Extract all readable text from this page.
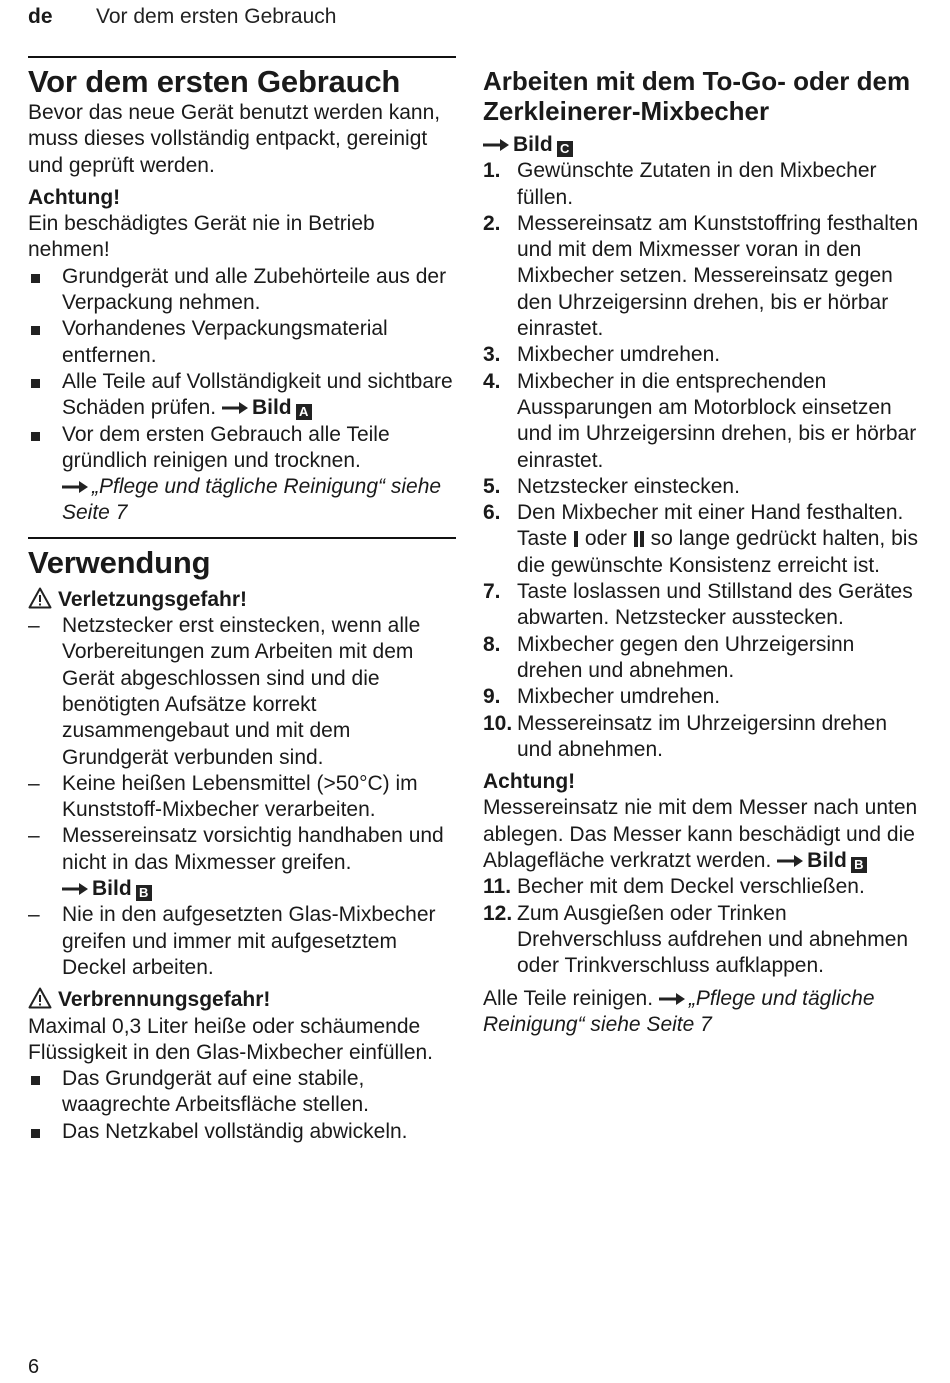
de Vor dem ersten Gebrauch
Vor dem ersten Gebrauch

Bevor das neue Gerät benutzt werden kann, muss dieses vollständig entpackt, gereinigt und geprüft werden.

Achtung!

Ein beschädigtes Gerät nie in Betrieb nehmen!

Grundgerät und alle Zubehörteile aus der Verpackung nehmen.
Vorhandenes Verpackungsmaterial entfernen.
Alle Teile auf Vollständigkeit und sichtbare Schäden prüfen. Bild A
Vor dem ersten Gebrauch alle Teile gründlich reinigen und trocknen.
„Pflege und tägliche Reinigung“ siehe Seite 7
Verwendung

Verletzungsgefahr!

– Netzstecker erst einstecken, wenn alle Vorbereitungen zum Arbeiten mit dem Gerät abgeschlossen sind und die benötigten Aufsätze korrekt zusammengebaut und mit dem Grundgerät verbunden sind.
– Keine heißen Lebensmittel (>50°C) im Kunststoff-Mixbecher verarbeiten.
– Messereinsatz vorsichtig handhaben und nicht in das Mixmesser greifen.
Bild B
– Nie in den aufgesetzten Glas-Mixbecher greifen und immer mit aufgesetztem Deckel arbeiten.

Verbrennungsgefahr!

Maximal 0,3 Liter heiße oder schäumende Flüssigkeit in den Glas-Mixbecher einfüllen.

Das Grundgerät auf eine stabile, waagrechte Arbeitsfläche stellen.
Das Netzkabel vollständig abwickeln.
Arbeiten mit dem To-Go- oder dem Zerkleinerer-Mixbecher

Bild C

1. Gewünschte Zutaten in den Mixbecher füllen.
2. Messereinsatz am Kunststoffring festhalten und mit dem Mixmesser voran in den Mixbecher setzen. Messereinsatz gegen den Uhrzeigersinn drehen, bis er hörbar einrastet.
3. Mixbecher umdrehen.
4. Mixbecher in die entsprechenden Aussparungen am Motorblock einsetzen und im Uhrzeigersinn drehen, bis er hörbar einrastet.
5. Netzstecker einstecken.
6. Den Mixbecher mit einer Hand festhalten. Taste oder so lange gedrückt halten, bis die gewünschte Konsistenz erreicht ist.
7. Taste loslassen und Stillstand des Gerätes abwarten. Netzstecker ausstecken.
8. Mixbecher gegen den Uhrzeigersinn drehen und abnehmen.
9. Mixbecher umdrehen.
10. Messereinsatz im Uhrzeigersinn drehen und abnehmen.

Achtung!

Messereinsatz nie mit dem Messer nach unten ablegen. Das Messer kann beschädigt und die Ablagefläche verkratzt werden. Bild B

11. Becher mit dem Deckel verschließen.
12. Zum Ausgießen oder Trinken Drehverschluss aufdrehen und abnehmen oder Trinkverschluss aufklappen.

Alle Teile reinigen. „Pflege und tägliche Reinigung“ siehe Seite 7

6
